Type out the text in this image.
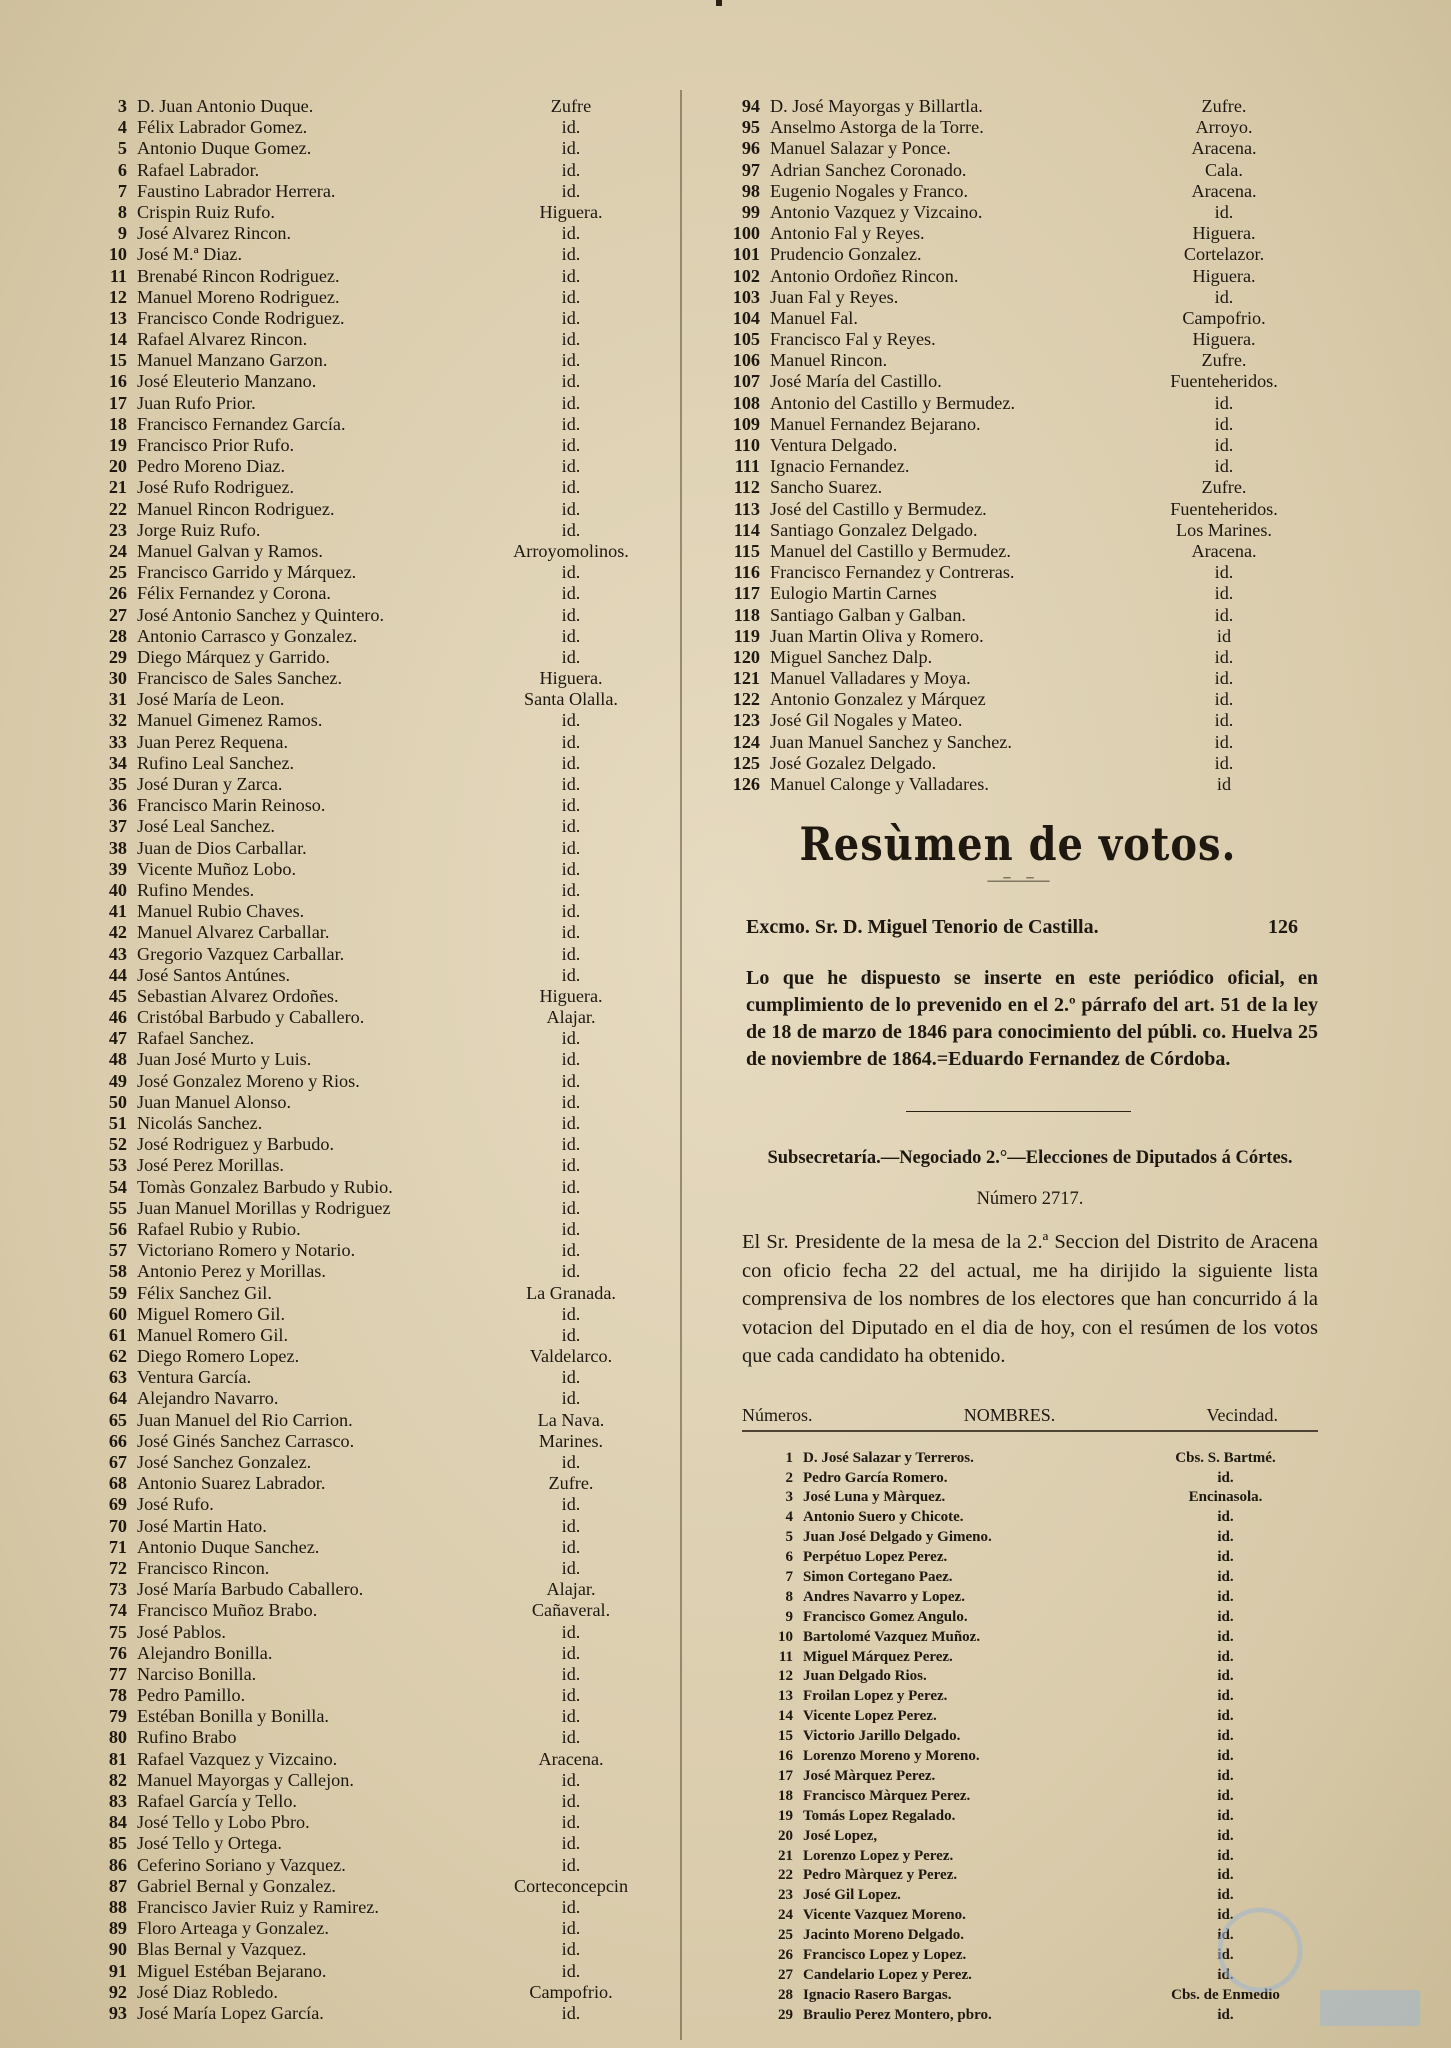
3 D. Juan Antonio Duque.	Zufre
4 Félix Labrador Gomez.	id.
5 Antonio Duque Gomez.	id.
6 Rafael Labrador.	id.
7 Faustino Labrador Herrera.	id.
8 Crispin Ruiz Rufo.	Higuera.
9 José Alvarez Rincon.	id.
10 José M.ª Diaz.	id.
11 Brenabé Rincon Rodriguez.	id.
12 Manuel Moreno Rodriguez.	id.
13 Francisco Conde Rodriguez.	id.
14 Rafael Alvarez Rincon.	id.
15 Manuel Manzano Garzon.	id.
16 José Eleuterio Manzano.	id.
17 Juan Rufo Prior.	id.
18 Francisco Fernandez García.	id.
19 Francisco Prior Rufo.	id.
20 Pedro Moreno Diaz.	id.
21 José Rufo Rodriguez.	id.
22 Manuel Rincon Rodriguez.	id.
23 Jorge Ruiz Rufo.	id.
24 Manuel Galvan y Ramos.	Arroyomolinos.
25 Francisco Garrido y Márquez.	id.
26 Félix Fernandez y Corona.	id.
27 José Antonio Sanchez y Quintero.	id.
28 Antonio Carrasco y Gonzalez.	id.
29 Diego Márquez y Garrido.	id.
30 Francisco de Sales Sanchez.	Higuera.
31 José María de Leon.	Santa Olalla.
32 Manuel Gimenez Ramos.	id.
33 Juan Perez Requena.	id.
34 Rufino Leal Sanchez.	id.
35 José Duran y Zarca.	id.
36 Francisco Marin Reinoso.	id.
37 José Leal Sanchez.	id.
38 Juan de Dios Carballar.	id.
39 Vicente Muñoz Lobo.	id.
40 Rufino Mendes.	id.
41 Manuel Rubio Chaves.	id.
42 Manuel Alvarez Carballar.	id.
43 Gregorio Vazquez Carballar.	id.
44 José Santos Antúnes.	id.
45 Sebastian Alvarez Ordoñes.	Higuera.
46 Cristóbal Barbudo y Caballero.	Alajar.
47 Rafael Sanchez.	id.
48 Juan José Murto y Luis.	id.
49 José Gonzalez Moreno y Rios.	id.
50 Juan Manuel Alonso.	id.
51 Nicolás Sanchez.	id.
52 José Rodriguez y Barbudo.	id.
53 José Perez Morillas.	id.
54 Tomàs Gonzalez Barbudo y Rubio.	id.
55 Juan Manuel Morillas y Rodriguez	id.
56 Rafael Rubio y Rubio.	id.
57 Victoriano Romero y Notario.	id.
58 Antonio Perez y Morillas.	id.
59 Félix Sanchez Gil.	La Granada.
60 Miguel Romero Gil.	id.
61 Manuel Romero Gil.	id.
62 Diego Romero Lopez.	Valdelarco.
63 Ventura García.	id.
64 Alejandro Navarro.	id.
65 Juan Manuel del Rio Carrion.	La Nava.
66 José Ginés Sanchez Carrasco.	Marines.
67 José Sanchez Gonzalez.	id.
68 Antonio Suarez Labrador.	Zufre.
69 José Rufo.	id.
70 José Martin Hato.	id.
71 Antonio Duque Sanchez.	id.
72 Francisco Rincon.	id.
73 José María Barbudo Caballero.	Alajar.
74 Francisco Muñoz Brabo.	Cañaveral.
75 José Pablos.	id.
76 Alejandro Bonilla.	id.
77 Narciso Bonilla.	id.
78 Pedro Pamillo.	id.
79 Estéban Bonilla y Bonilla.	id.
80 Rufino Brabo	id.
81 Rafael Vazquez y Vizcaino.	Aracena.
82 Manuel Mayorgas y Callejon.	id.
83 Rafael García y Tello.	id.
84 José Tello y Lobo Pbro.	id.
85 José Tello y Ortega.	id.
86 Ceferino Soriano y Vazquez.	id.
87 Gabriel Bernal y Gonzalez.	Corteconcepcin
88 Francisco Javier Ruiz y Ramirez.	id.
89 Floro Arteaga y Gonzalez.	id.
90 Blas Bernal y Vazquez.	id.
91 Miguel Estéban Bejarano.	id.
92 José Diaz Robledo.	Campofrio.
93 José María Lopez García.	id.
94 D. José Mayorgas y Billartla.	Zufre.
95 Anselmo Astorga de la Torre.	Arroyo.
96 Manuel Salazar y Ponce.	Aracena.
97 Adrian Sanchez Coronado.	Cala.
98 Eugenio Nogales y Franco.	Aracena.
99 Antonio Vazquez y Vizcaino.	id.
100 Antonio Fal y Reyes.	Higuera.
101 Prudencio Gonzalez.	Cortelazor.
102 Antonio Ordoñez Rincon.	Higuera.
103 Juan Fal y Reyes.	id.
104 Manuel Fal.	Campofrio.
105 Francisco Fal y Reyes.	Higuera.
106 Manuel Rincon.	Zufre.
107 José María del Castillo.	Fuenteheridos.
108 Antonio del Castillo y Bermudez.	id.
109 Manuel Fernandez Bejarano.	id.
110 Ventura Delgado.	id.
111 Ignacio Fernandez.	id.
112 Sancho Suarez.	Zufre.
113 José del Castillo y Bermudez.	Fuenteheridos.
114 Santiago Gonzalez Delgado.	Los Marines.
115 Manuel del Castillo y Bermudez.	Aracena.
116 Francisco Fernandez y Contreras.	id.
117 Eulogio Martin Carnes	id.
118 Santiago Galban y Galban.	id.
119 Juan Martin Oliva y Romero.	id
120 Miguel Sanchez Dalp.	id.
121 Manuel Valladares y Moya.	id.
122 Antonio Gonzalez y Márquez	id.
123 José Gil Nogales y Mateo.	id.
124 Juan Manuel Sanchez y Sanchez.	id.
125 José Gozalez Delgado.	id.
126 Manuel Calonge y Valladares.	id
Resùmen de votos.
—=—=—
Excmo. Sr. D. Miguel Tenorio de Castilla.	126
Lo que he dispuesto se inserte en este periódico oficial, en cumplimiento de lo prevenido en el 2.º párrafo del art. 51 de la ley de 18 de marzo de 1846 para conocimiento del públi. co. Huelva 25 de noviembre de 1864.=Eduardo Fernandez de Córdoba.
Subsecretaría.—Negociado 2.°—Elecciones de Diputados á Córtes.
Número 2717.
El Sr. Presidente de la mesa de la 2.ª Seccion del Distrito de Aracena con oficio fecha 22 del actual, me ha dirijido la siguiente lista comprensiva de los nombres de los electores que han concurrido á la votacion del Diputado en el dia de hoy, con el resúmen de los votos que cada candidato ha obtenido.
Números.	NOMBRES.	Vecindad.
1 D. José Salazar y Terreros.	Cbs. S. Bartmé.
2 Pedro García Romero.	id.
3 José Luna y Màrquez.	Encinasola.
4 Antonio Suero y Chicote.	id.
5 Juan José Delgado y Gimeno.	id.
6 Perpétuo Lopez Perez.	id.
7 Simon Cortegano Paez.	id.
8 Andres Navarro y Lopez.	id.
9 Francisco Gomez Angulo.	id.
10 Bartolomé Vazquez Muñoz.	id.
11 Miguel Márquez Perez.	id.
12 Juan Delgado Rios.	id.
13 Froilan Lopez y Perez.	id.
14 Vicente Lopez Perez.	id.
15 Victorio Jarillo Delgado.	id.
16 Lorenzo Moreno y Moreno.	id.
17 José Màrquez Perez.	id.
18 Francisco Màrquez Perez.	id.
19 Tomás Lopez Regalado.	id.
20 José Lopez,	id.
21 Lorenzo Lopez y Perez.	id.
22 Pedro Màrquez y Perez.	id.
23 José Gil Lopez.	id.
24 Vicente Vazquez Moreno.	id.
25 Jacinto Moreno Delgado.	id.
26 Francisco Lopez y Lopez.	id.
27 Candelario Lopez y Perez.	id.
28 Ignacio Rasero Bargas.	Cbs. de Enmedio
29 Braulio Perez Montero, pbro.	id.
